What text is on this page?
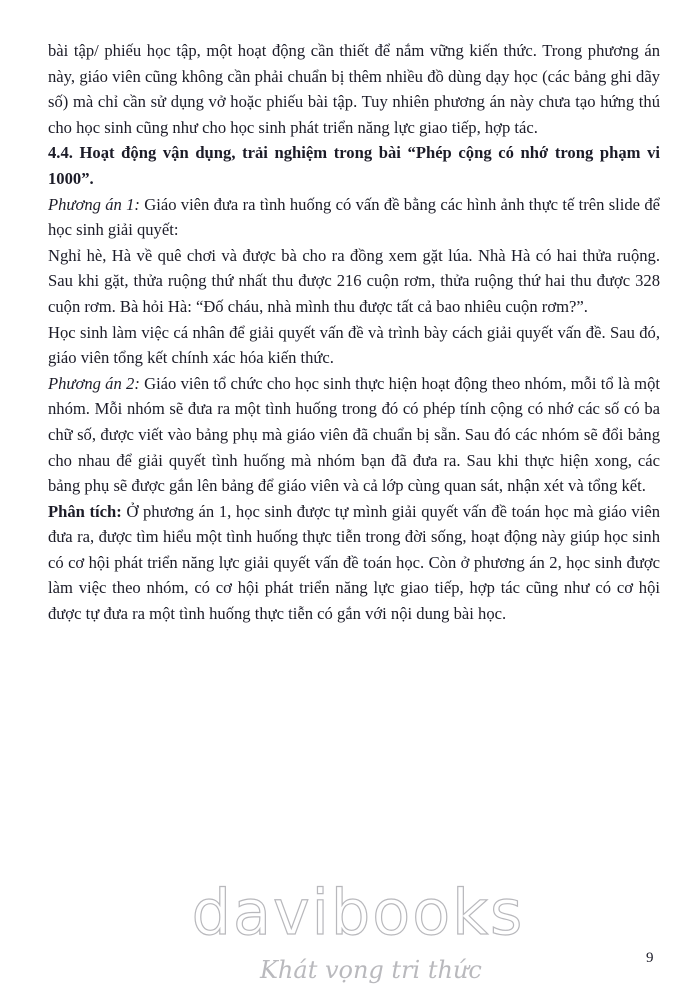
bài tập/ phiếu học tập, một hoạt động cần thiết để nắm vững kiến thức. Trong phương án này, giáo viên cũng không cần phải chuẩn bị thêm nhiều đồ dùng dạy học (các bảng ghi dãy số) mà chỉ cần sử dụng vở hoặc phiếu bài tập. Tuy nhiên phương án này chưa tạo hứng thú cho học sinh cũng như cho học sinh phát triển năng lực giao tiếp, hợp tác.

4.4. Hoạt động vận dụng, trải nghiệm trong bài “Phép cộng có nhớ trong phạm vi 1000”.

Phương án 1: Giáo viên đưa ra tình huống có vấn đề bằng các hình ảnh thực tế trên slide để học sinh giải quyết:

Nghỉ hè, Hà về quê chơi và được bà cho ra đồng xem gặt lúa. Nhà Hà có hai thửa ruộng. Sau khi gặt, thửa ruộng thứ nhất thu được 216 cuộn rơm, thửa ruộng thứ hai thu được 328 cuộn rơm. Bà hỏi Hà: “Đố cháu, nhà mình thu được tất cả bao nhiêu cuộn rơm?”.

Học sinh làm việc cá nhân để giải quyết vấn đề và trình bày cách giải quyết vấn đề. Sau đó, giáo viên tổng kết chính xác hóa kiến thức.

Phương án 2: Giáo viên tổ chức cho học sinh thực hiện hoạt động theo nhóm, mỗi tổ là một nhóm. Mỗi nhóm sẽ đưa ra một tình huống trong đó có phép tính cộng có nhớ các số có ba chữ số, được viết vào bảng phụ mà giáo viên đã chuẩn bị sẵn. Sau đó các nhóm sẽ đổi bảng cho nhau để giải quyết tình huống mà nhóm bạn đã đưa ra. Sau khi thực hiện xong, các bảng phụ sẽ được gắn lên bảng để giáo viên và cả lớp cùng quan sát, nhận xét và tổng kết.

Phân tích: Ở phương án 1, học sinh được tự mình giải quyết vấn đề toán học mà giáo viên đưa ra, được tìm hiểu một tình huống thực tiễn trong đời sống, hoạt động này giúp học sinh có cơ hội phát triển năng lực giải quyết vấn đề toán học. Còn ở phương án 2, học sinh được làm việc theo nhóm, có cơ hội phát triển năng lực giao tiếp, hợp tác cũng như có cơ hội được tự đưa ra một tình huống thực tiễn có gắn với nội dung bài học.

davibooks
Khát vọng tri thức	9
